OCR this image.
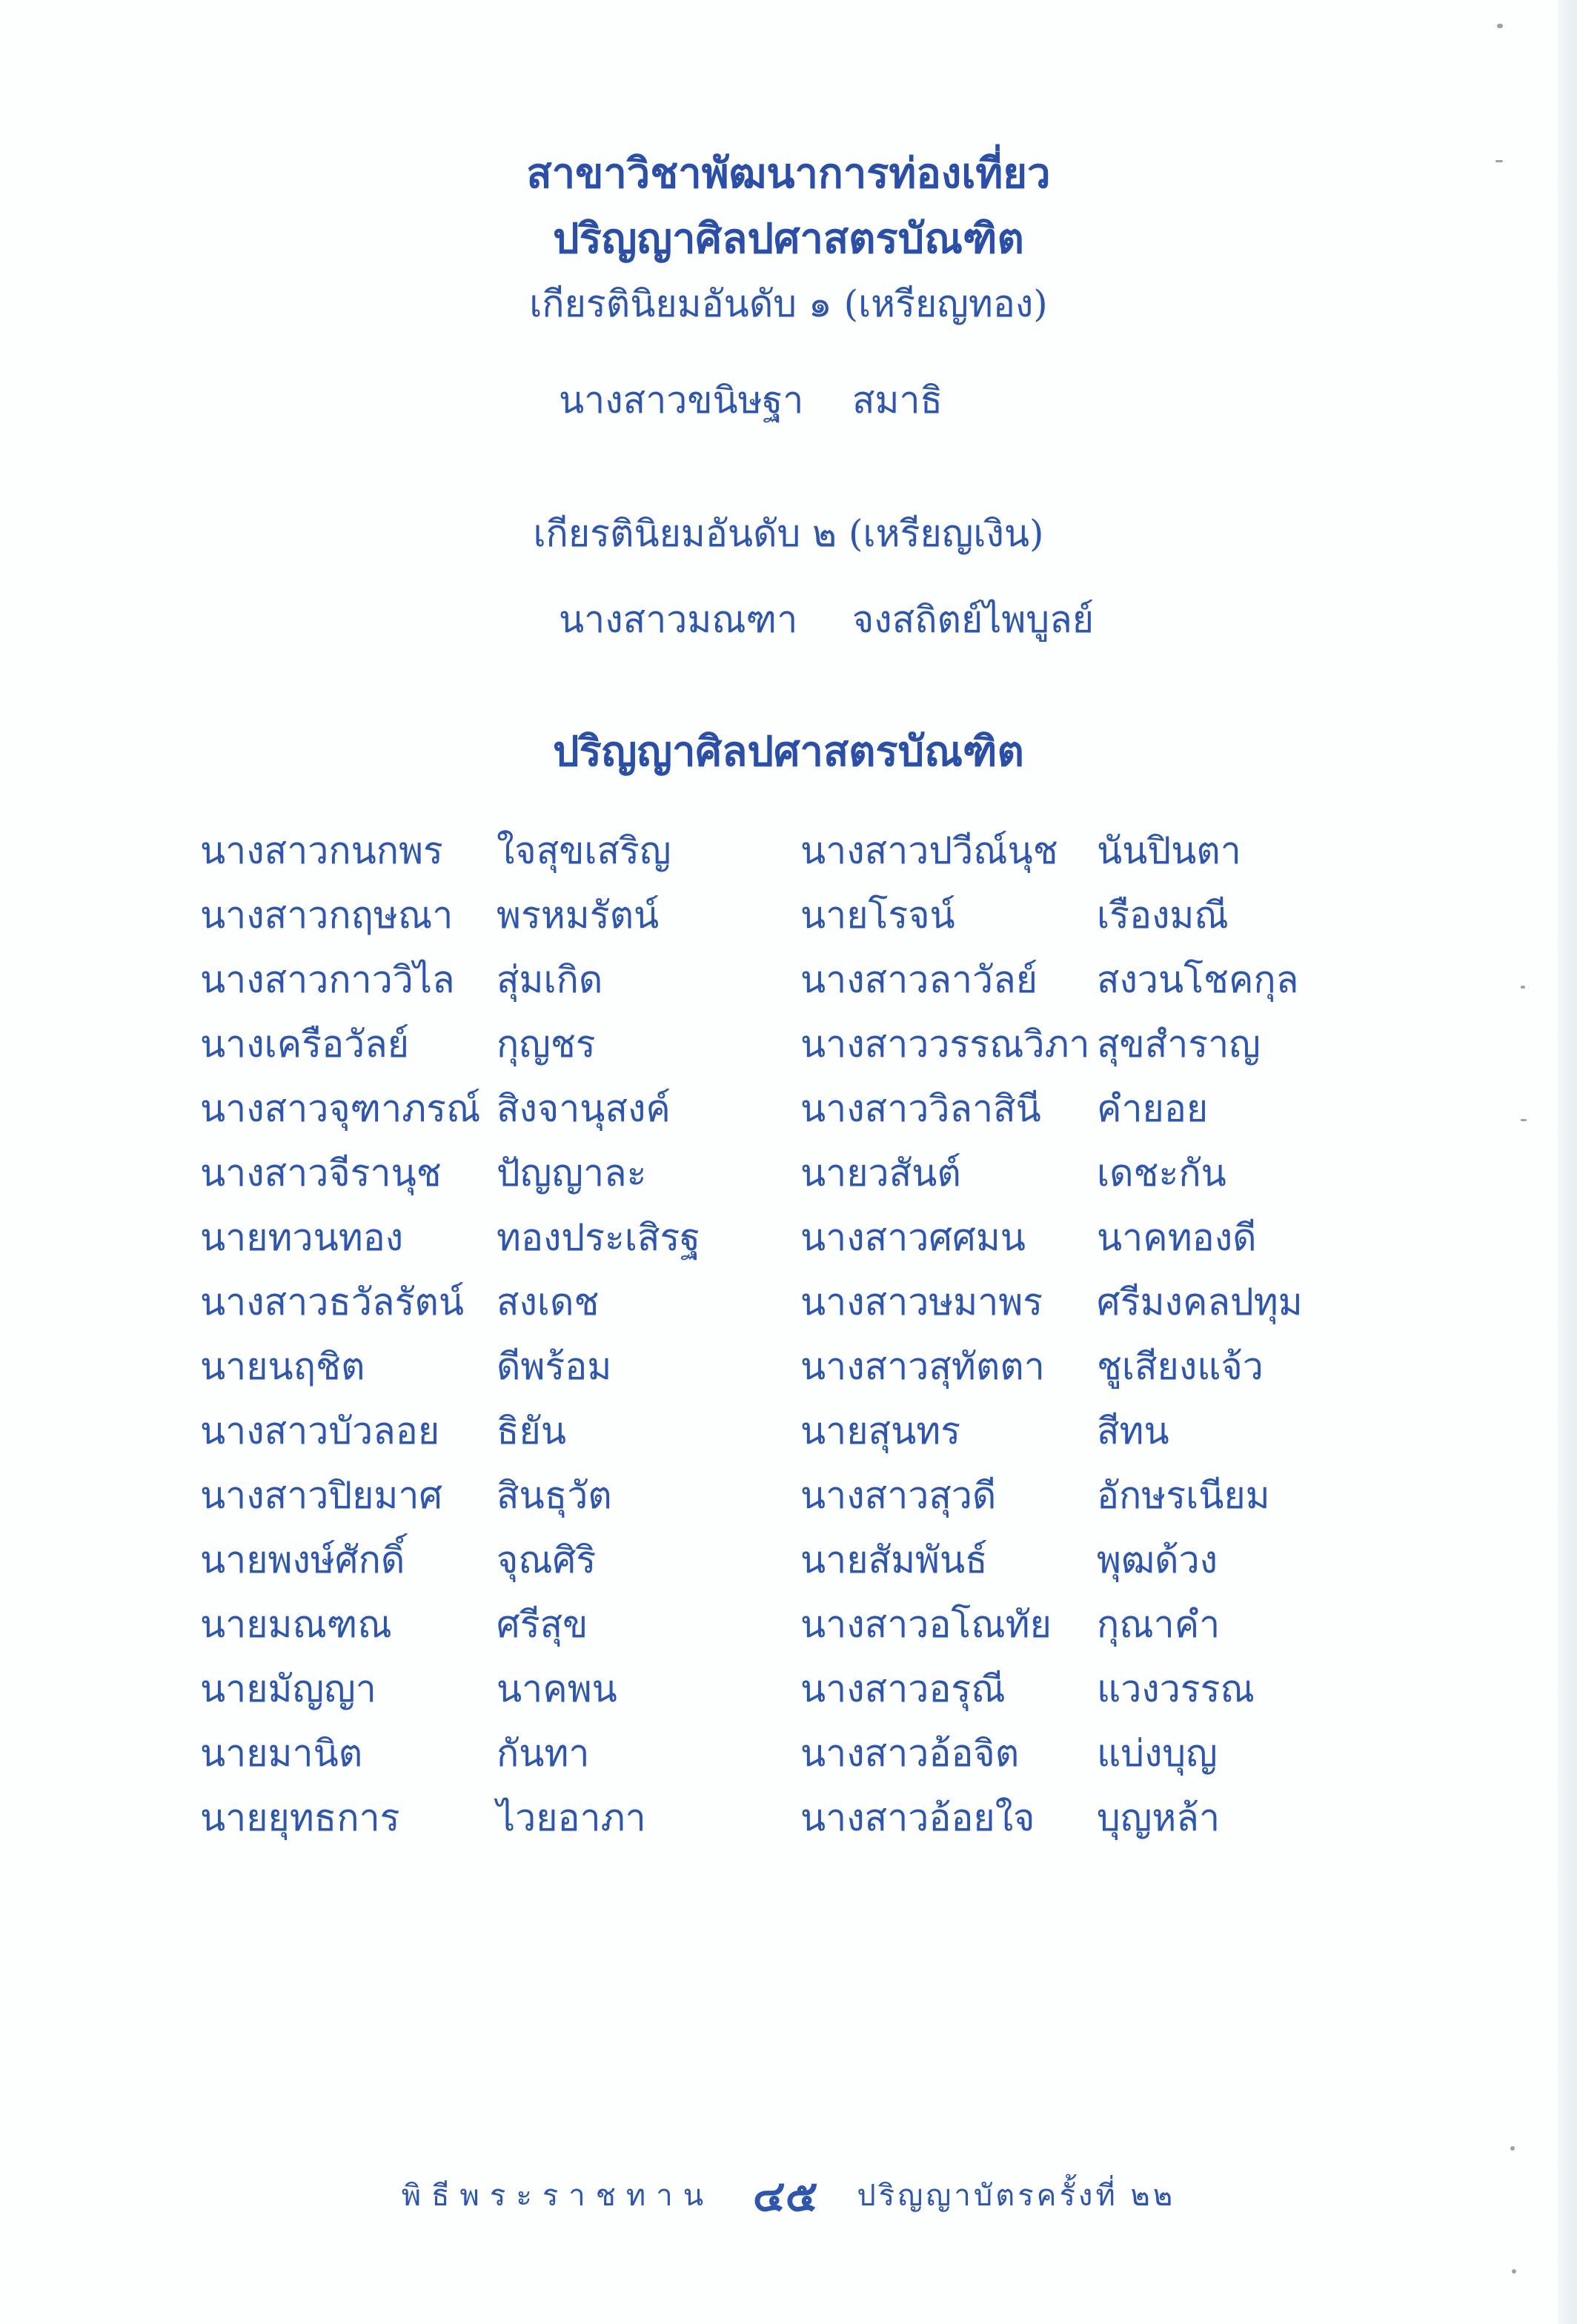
สาขาวิชาพัฒนาการท่องเที่ยว
ปริญญาศิลปศาสตรบัณฑิต
เกียรตินิยมอันดับ ๑ (เหรียญทอง)
นางสาวขนิษฐา สมาธิ
เกียรตินิยมอันดับ ๒ (เหรียญเงิน)
นางสาวมณฑา จงสถิตย์ไพบูลย์
ปริญญาศิลปศาสตรบัณฑิต
นางสาวกนกพร ใจสุขเสริญ	นางสาวปวีณ์นุช นันปินตา
นางสาวกฤษณา พรหมรัตน์	นายโรจน์	เรืองมณี
นางสาวกาววิไล สุ่มเกิด	นางสาวลาวัลย์ สงวนโชคกุล
นางเครือวัลย์ กุญชร	นางสาววรรณวิภา สุขสำราญ
นางสาวจุฑาภรณ์ สิงจานุสงค์	นางสาววิลาสินี คำยอย
นางสาวจีรานุช ปัญญาละ	นายวสันต์	เดชะกัน
นายทวนทอง	ทองประเสิรฐ	นางสาวศศมน นาคทองดี
นางสาวธวัลรัตน์ สงเดช	นางสาวษมาพร ศรีมงคลปทุม
นายนฤชิต	ดีพร้อม	นางสาวสุทัตตา ชูเสียงแจ้ว
นางสาวบัวลอย ธิยัน	นายสุนทร	สีทน
นางสาวปิยมาศ สินธุวัต	นางสาวสุวดี	อักษรเนียม
นายพงษ์ศักดิ์ จุณศิริ	นายสัมพันธ์	พุฒด้วง
นายมณฑณ	ศรีสุข	นางสาวอโณทัย กุณาคำ
นายมัญญา	นาคพน	นางสาวอรุณี แวงวรรณ
นายมานิต	กันทา	นางสาวอ้อจิต แบ่งบุญ
นายยุทธการ	ไวยอาภา	นางสาวอ้อยใจ บุญหล้า
พิธีพระราชทาน ๔๕ ปริญญาบัตรครั้งที่ ๒๒
